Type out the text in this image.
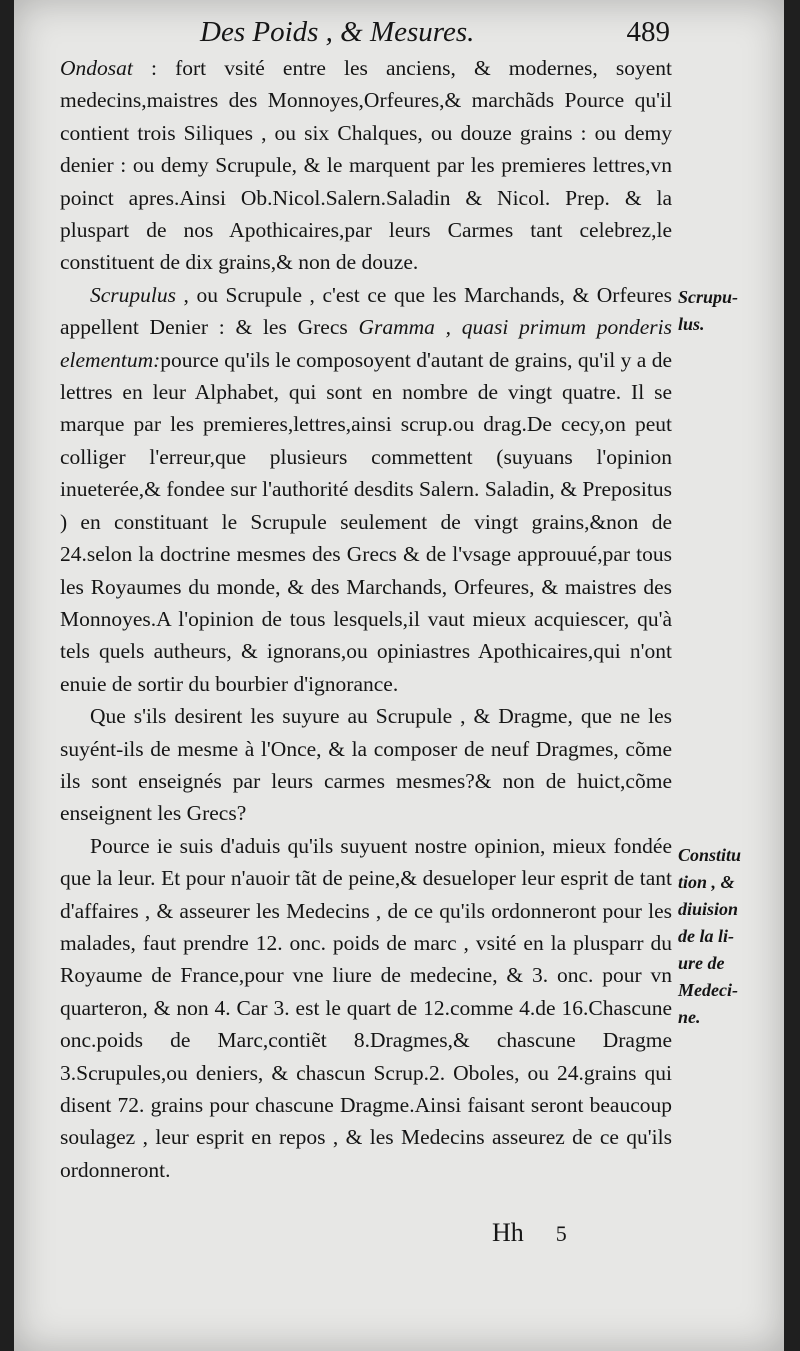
Des Poids , & Mesures.	489

Ondosat : fort vsité entre les anciens, & modernes, soyent medecins,maistres des Monnoyes,Orfeures,& marchãds Pource qu'il contient trois Siliques , ou six Chalques, ou douze grains : ou demy denier : ou demy Scrupule, & le marquent par les premieres lettres,vn poinct apres.Ainsi Ob.Nicol.Salern.Saladin & Nicol. Prep. & la pluspart de nos Apothicaires,par leurs Carmes tant celebrez,le constituent de dix grains,& non de douze.

Scrupulus , ou Scrupule , c'est ce que les Marchands, & Orfeures appellent Denier : & les Grecs Gramma , quasi primum ponderis elementum:pource qu'ils le composoyent d'autant de grains, qu'il y a de lettres en leur Alphabet, qui sont en nombre de vingt quatre. Il se marque par les premieres,lettres,ainsi scrup.ou drag.De cecy,on peut colliger l'erreur,que plusieurs commettent (suyuans l'opinion inueterée,& fondee sur l'authorité desdits Salern. Saladin, & Prepositus ) en constituant le Scrupule seulement de vingt grains,&non de 24.selon la doctrine mesmes des Grecs & de l'vsage approuué,par tous les Royaumes du monde, & des Marchands, Orfeures, & maistres des Monnoyes.A l'opinion de tous lesquels,il vaut mieux acquiescer, qu'à tels quels autheurs, & ignorans,ou opiniastres Apothicaires,qui n'ont enuie de sortir du bourbier d'ignorance.

Que s'ils desirent les suyure au Scrupule , & Dragme, que ne les suyént-ils de mesme à l'Once, & la composer de neuf Dragmes, cõme ils sont enseignés par leurs carmes mesmes?& non de huict,cõme enseignent les Grecs?

Pource ie suis d'aduis qu'ils suyuent nostre opinion, mieux fondée que la leur. Et pour n'auoir tãt de peine,& desueloper leur esprit de tant d'affaires , & asseurer les Medecins , de ce qu'ils ordonneront pour les malades, faut prendre 12. onc. poids de marc , vsité en la plusparr du Royaume de France,pour vne liure de medecine, & 3. onc. pour vn quarteron, & non 4. Car 3. est le quart de 12.comme 4.de 16.Chascune onc.poids de Marc,contiẽt 8.Dragmes,& chascune Dragme 3.Scrupules,ou deniers, & chascun Scrup.2. Oboles, ou 24.grains qui disent 72. grains pour chascune Dragme.Ainsi faisant seront beaucoup soulagez , leur esprit en repos , & les Medecins asseurez de ce qu'ils ordonneront.

Scrupu-
lus.
Constitu
tion , &
diuision
de la li-
ure de
Medeci-
ne.
Hh 5
